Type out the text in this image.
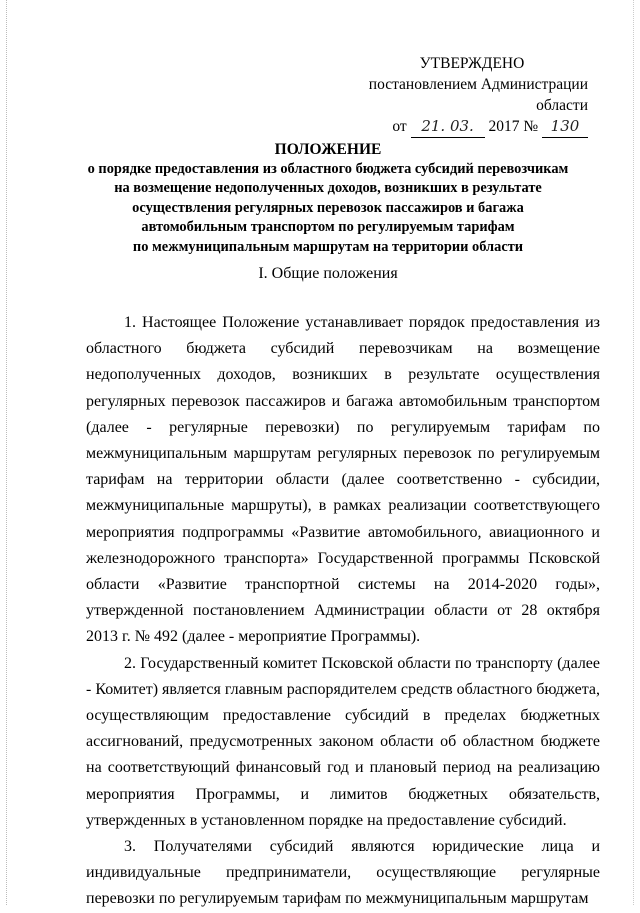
УТВЕРЖДЕНО
постановлением Администрации области
от 21. 03. 2017 № 130
ПОЛОЖЕНИЕ
о порядке предоставления из областного бюджета субсидий перевозчикам
на возмещение недополученных доходов, возникших в результате
осуществления регулярных перевозок пассажиров и багажа
автомобильным транспортом по регулируемым тарифам
по межмуниципальным маршрутам на территории области
I. Общие положения

1. Настоящее Положение устанавливает порядок предоставления из областного бюджета субсидий перевозчикам на возмещение недополученных доходов, возникших в результате осуществления регулярных перевозок пассажиров и багажа автомобильным транспортом (далее - регулярные перевозки) по регулируемым тарифам по межмуниципальным маршрутам регулярных перевозок по регулируемым тарифам на территории области (далее соответственно - субсидии, межмуниципальные маршруты), в рамках реализации соответствующего мероприятия подпрограммы «Развитие автомобильного, авиационного и железнодорожного транспорта» Государственной программы Псковской области «Развитие транспортной системы на 2014-2020 годы», утвержденной постановлением Администрации области от 28 октября 2013 г. № 492 (далее - мероприятие Программы).

2. Государственный комитет Псковской области по транспорту (далее - Комитет) является главным распорядителем средств областного бюджета, осуществляющим предоставление субсидий в пределах бюджетных ассигнований, предусмотренных законом области об областном бюджете на соответствующий финансовый год и плановый период на реализацию мероприятия Программы, и лимитов бюджетных обязательств, утвержденных в установленном порядке на предоставление субсидий.

3. Получателями субсидий являются юридические лица и индивидуальные предприниматели, осуществляющие регулярные перевозки по регулируемым тарифам по межмуниципальным маршрутам
